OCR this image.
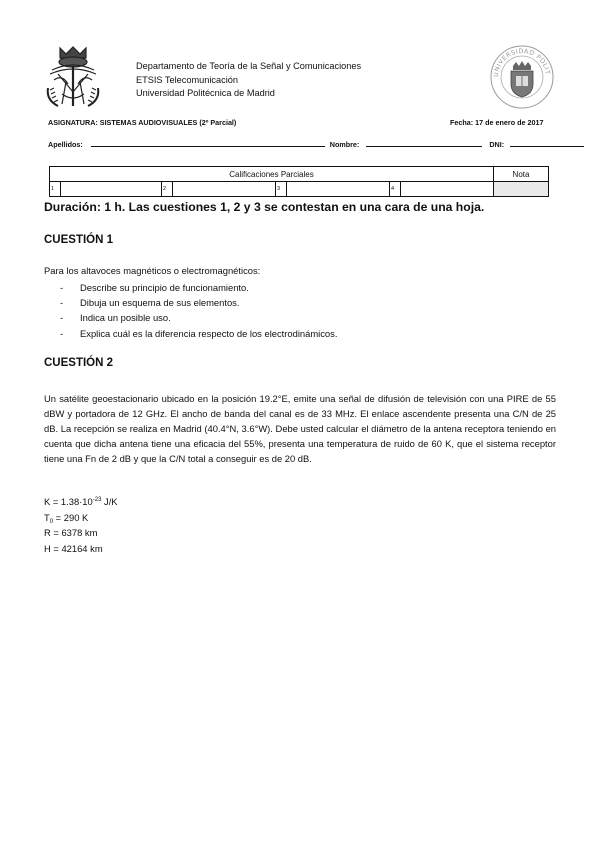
Departamento de Teoría de la Señal y Comunicaciones
ETSIS Telecomunicación
Universidad Politécnica de Madrid
UNIVERSIDAD POLIT
ASIGNATURA: SISTEMAS AUDIOVISUALES (2º Parcial)	Fecha: 17 de enero de 2017
Apellidos:	Nombre:	DNI:
Calificaciones Parciales								Nota
1		2		3		4		
Duración: 1 h. Las cuestiones 1, 2 y 3 se contestan en una cara de una hoja.
CUESTIÓN 1
Para los altavoces magnéticos o electromagnéticos:
- Describe su principio de funcionamiento.
- Dibuja un esquema de sus elementos.
- Indica un posible uso.
- Explica cuál es la diferencia respecto de los electrodinámicos.
CUESTIÓN 2
Un satélite geoestacionario ubicado en la posición 19.2°E, emite una señal de difusión de televisión con una PIRE de 55 dBW y portadora de 12 GHz. El ancho de banda del canal es de 33 MHz. El enlace ascendente presenta una C/N de 25 dB. La recepción se realiza en Madrid (40.4°N, 3.6°W). Debe usted calcular el diámetro de la antena receptora teniendo en cuenta que dicha antena tiene una eficacia del 55%, presenta una temperatura de ruido de 60 K, que el sistema receptor tiene una Fn de 2 dB y que la C/N total a conseguir es de 20 dB.
$K = 1.38\cdot 10^{-23}$ J/K
$T_0 = 290$ K
R = 6378 km
H = 42164 km
